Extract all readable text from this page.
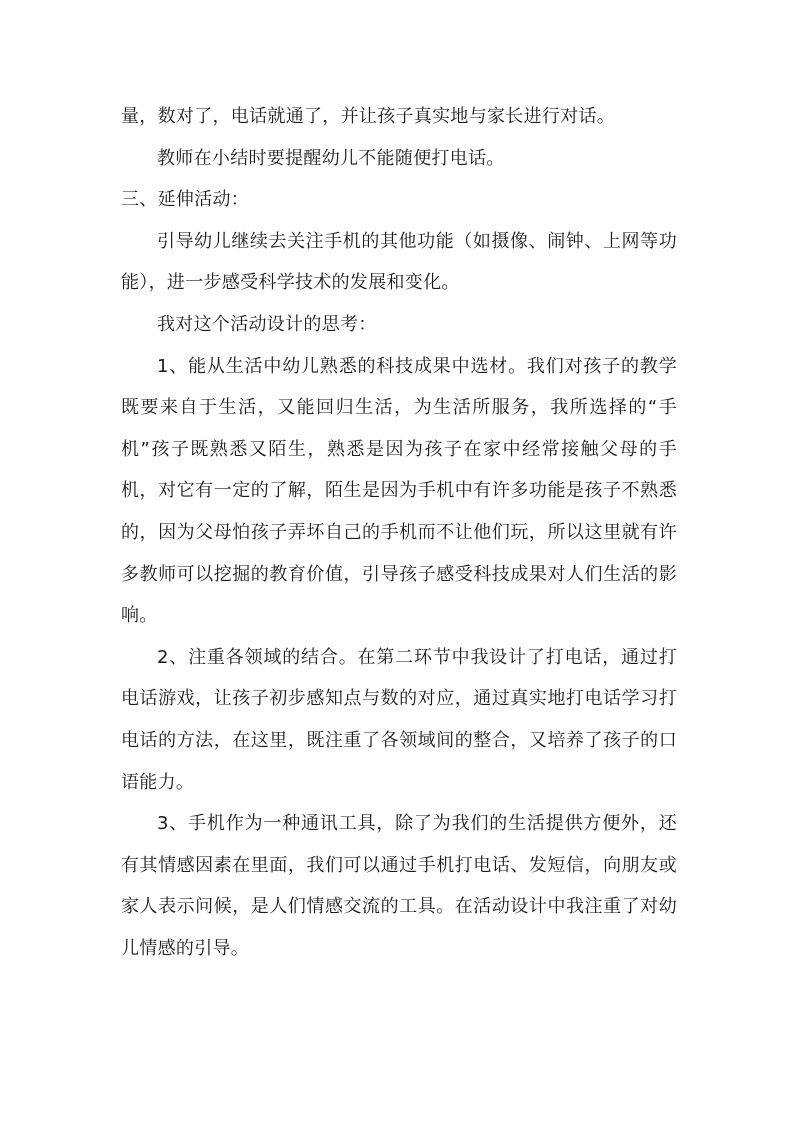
量，数对了，电话就通了，并让孩子真实地与家长进行对话。

教师在小结时要提醒幼儿不能随便打电话。

三、延伸活动：

引导幼儿继续去关注手机的其他功能（如摄像、闹钟、上网等功能），进一步感受科学技术的发展和变化。

我对这个活动设计的思考：

1、能从生活中幼儿熟悉的科技成果中选材。我们对孩子的教学既要来自于生活，又能回归生活，为生活所服务，我所选择的“手机”孩子既熟悉又陌生，熟悉是因为孩子在家中经常接触父母的手机，对它有一定的了解，陌生是因为手机中有许多功能是孩子不熟悉的，因为父母怕孩子弄坏自己的手机而不让他们玩，所以这里就有许多教师可以挖掘的教育价值，引导孩子感受科技成果对人们生活的影响。

2、注重各领域的结合。在第二环节中我设计了打电话，通过打电话游戏，让孩子初步感知点与数的对应，通过真实地打电话学习打电话的方法，在这里，既注重了各领域间的整合，又培养了孩子的口语能力。

3、手机作为一种通讯工具，除了为我们的生活提供方便外，还有其情感因素在里面，我们可以通过手机打电话、发短信，向朋友或家人表示问候，是人们情感交流的工具。在活动设计中我注重了对幼儿情感的引导。
